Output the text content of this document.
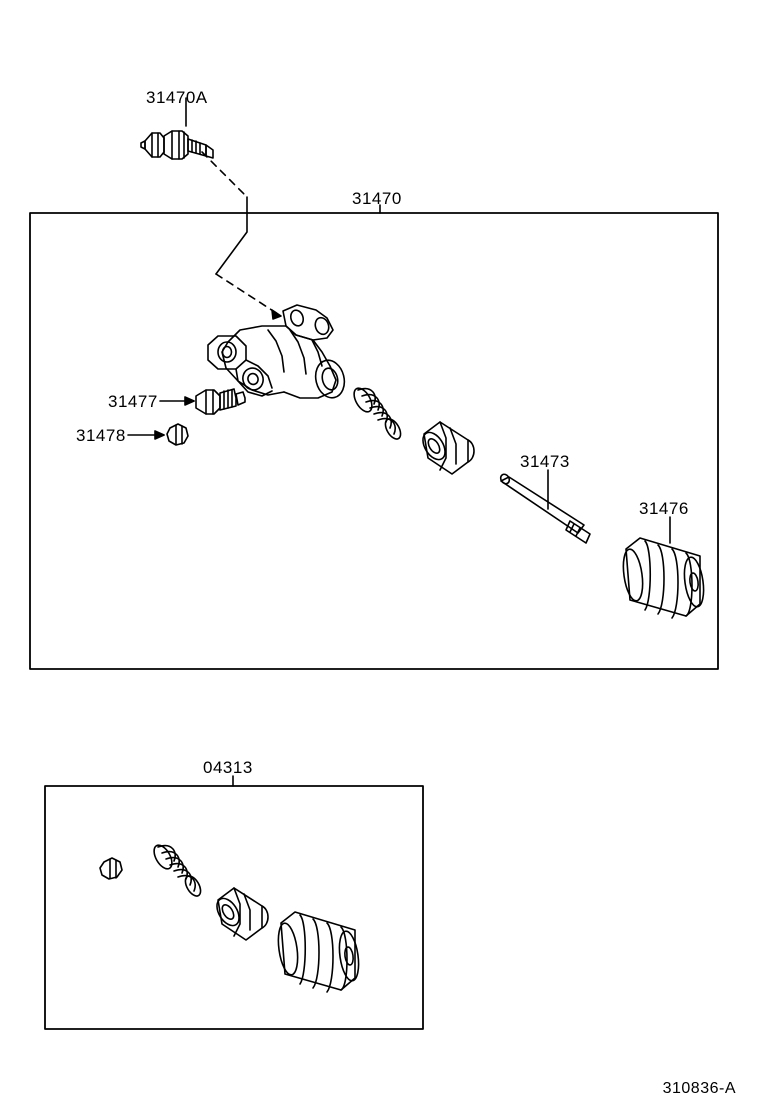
31470A
31470
31477
31478
31473
31476
04313
310836-A
